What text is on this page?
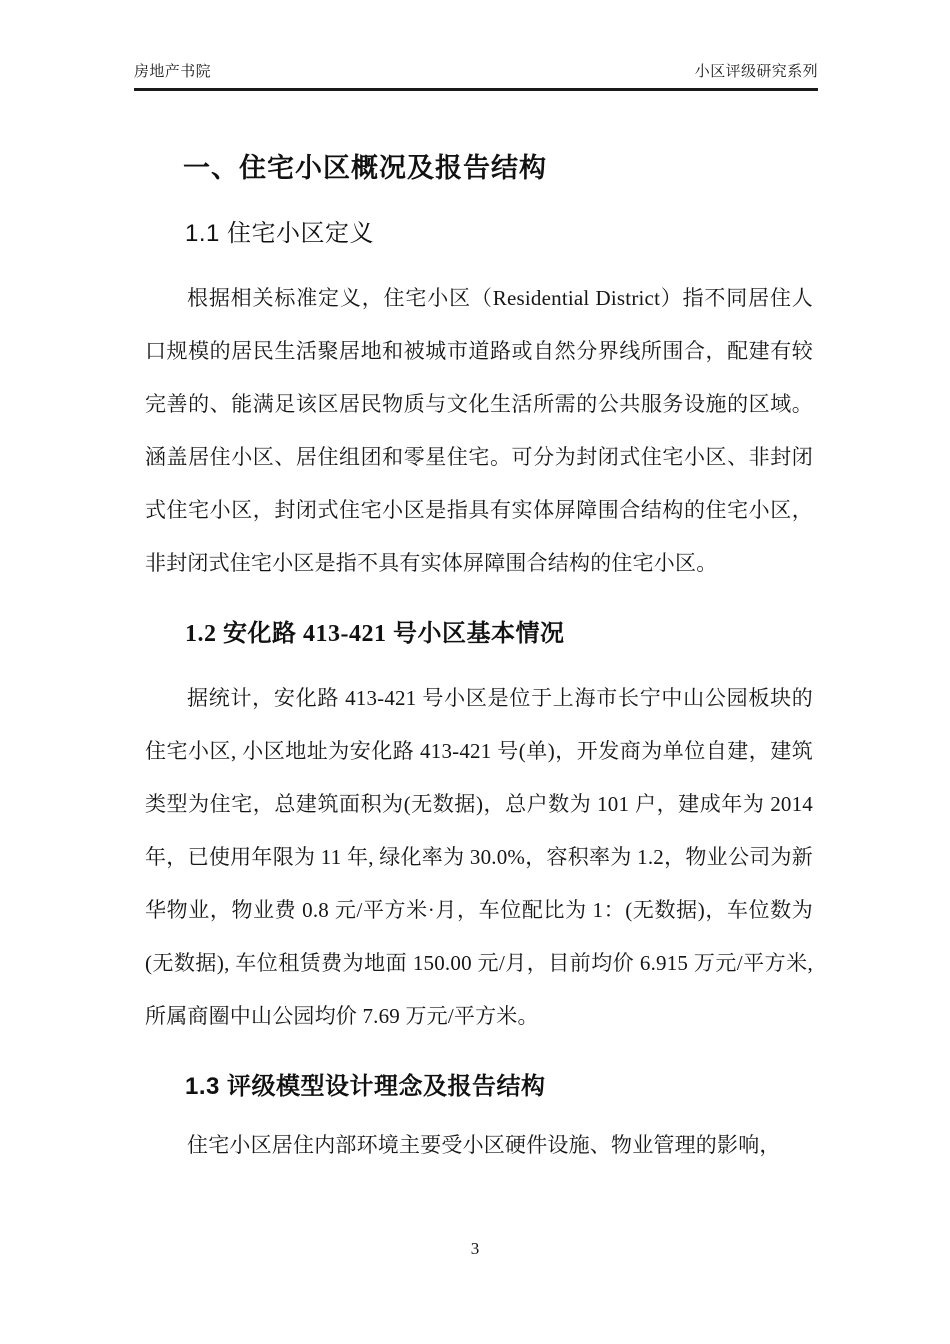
房地产书院	小区评级研究系列
一、住宅小区概况及报告结构
1.1 住宅小区定义

根据相关标准定义，住宅小区（Residential District）指不同居住人口规模的居民生活聚居地和被城市道路或自然分界线所围合，配建有较完善的、能满足该区居民物质与文化生活所需的公共服务设施的区域。涵盖居住小区、居住组团和零星住宅。可分为封闭式住宅小区、非封闭式住宅小区，封闭式住宅小区是指具有实体屏障围合结构的住宅小区，非封闭式住宅小区是指不具有实体屏障围合结构的住宅小区。

1.2 安化路 413-421 号小区基本情况

据统计，安化路 413-421 号小区是位于上海市长宁中山公园板块的住宅小区, 小区地址为安化路 413-421 号(单)，开发商为单位自建，建筑类型为住宅，总建筑面积为(无数据)，总户数为 101 户，建成年为 2014 年，已使用年限为 11 年, 绿化率为 30.0%，容积率为 1.2，物业公司为新华物业，物业费 0.8 元/平方米·月，车位配比为 1：(无数据)，车位数为(无数据), 车位租赁费为地面 150.00 元/月，目前均价 6.915 万元/平方米, 所属商圈中山公园均价 7.69 万元/平方米。

1.3 评级模型设计理念及报告结构

住宅小区居住内部环境主要受小区硬件设施、物业管理的影响，

3
